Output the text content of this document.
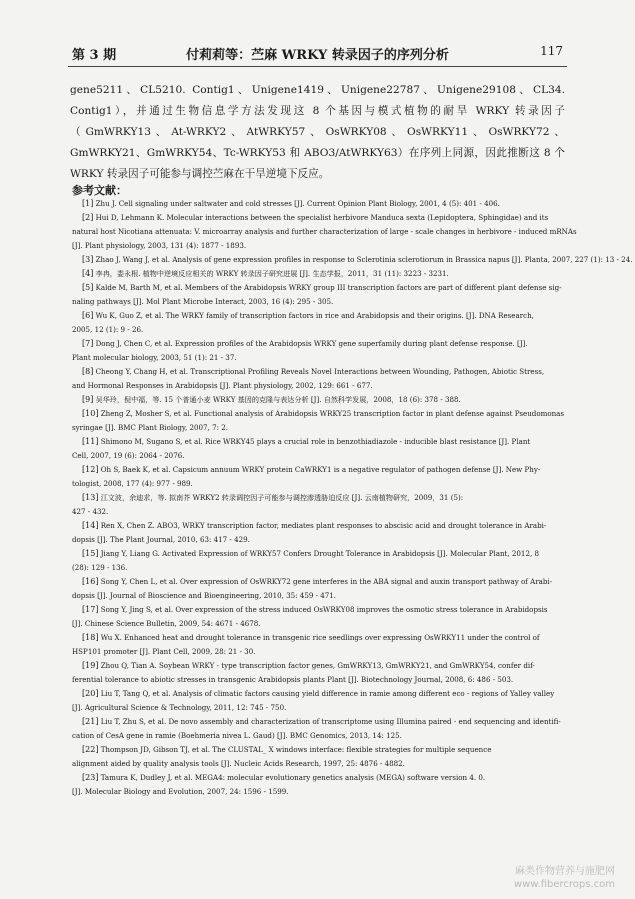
第 3 期	付莉莉等：苎麻 WRKY 转录因子的序列分析	117

gene5211、CL5210. Contig1、Unigene1419、Unigene22787、Unigene29108、CL34. Contig1），并通过生物信息学方法发现这 8 个基因与模式植物的耐旱 WRKY 转录因子（GmWRKY13、At-WRKY2、AtWRKY57、OsWRKY08、OsWRKY11、OsWRKY72、GmWRKY21、GmWRKY54、Tc-WRKY53 和 ABO3/AtWRKY63）在序列上同源，因此推断这 8 个 WRKY 转录因子可能参与调控苎麻在干旱逆境下反应。

参考文献：
[ 1 ] Zhu J. Cell signaling under saltwater and cold stresses [J]. Current Opinion Plant Biology, 2001, 4 (5): 401 - 406.
[ 2 ] Hui D, Lehmann K. Molecular interactions between the specialist herbivore Manduca sexta (Lepidoptera, Sphingidae) and its
natural host Nicotiana attenuata: V. microarray analysis and further characterization of large - scale changes in herbivore - induced mRNAs
[J]. Plant physiology, 2003, 131 (4): 1877 - 1893.
[ 3 ] Zhao J, Wang J, et al. Analysis of gene expression profiles in response to Sclerotinia sclerotiorum in Brassica napus [J]. Planta, 2007, 227 (1): 13 - 24.
[ 4 ] 李冉，娄永根. 植物中逆境反应相关的 WRKY 转录因子研究进展 [J]. 生态学报，2011，31 (11): 3223 - 3231.
[ 5 ] Kalde M, Barth M, et al. Members of the Arabidopsis WRKY group III transcription factors are part of different plant defense sig-
naling pathways [J]. Mol Plant Microbe Interact, 2003, 16 (4): 295 - 305.
[ 6 ] Wu K, Guo Z, et al. The WRKY family of transcription factors in rice and Arabidopsis and their origins. [J]. DNA Research,
2005, 12 (1): 9 - 26.
[ 7 ] Dong J, Chen C, et al. Expression profiles of the Arabidopsis WRKY gene superfamily during plant defense response. [J].
Plant molecular biology, 2003, 51 (1): 21 - 37.
[ 8 ] Cheong Y, Chang H, et al. Transcriptional Profiling Reveals Novel Interactions between Wounding, Pathogen, Abiotic Stress,
and Hormonal Responses in Arabidopsis [J]. Plant physiology, 2002, 129: 661 - 677.
[ 9 ] 吴华玲，倪中福，等. 15 个普通小麦 WRKY 基因的克隆与表达分析 [J]. 自然科学发展，2008，18 (6): 378 - 388.
[ 10 ] Zheng Z, Mosher S, et al. Functional analysis of Arabidopsis WRKY25 transcription factor in plant defense against Pseudomonas
syringae [J]. BMC Plant Biology, 2007, 7: 2.
[ 11 ] Shimono M, Sugano S, et al. Rice WRKY45 plays a crucial role in benzothiadiazole - inducible blast resistance [J]. Plant
Cell, 2007, 19 (6): 2064 - 2076.
[ 12 ] Oh S, Baek K, et al. Capsicum annuum WRKY protein CaWRKY1 is a negative regulator of pathogen defense [J]. New Phy-
tologist, 2008, 177 (4): 977 - 989.
[ 13 ] 江文波，余迪求，等. 拟南芥 WRKY2 转录调控因子可能参与调控渗透胁迫反应 [J]. 云南植物研究，2009，31 (5):
427 - 432.
[ 14 ] Ren X, Chen Z. ABO3, WRKY transcription factor, mediates plant responses to abscisic acid and drought tolerance in Arabi-
dopsis [J]. The Plant Journal, 2010, 63: 417 - 429.
[ 15 ] Jiang Y, Liang G. Activated Expression of WRKY57 Confers Drought Tolerance in Arabidopsis [J]. Molecular Plant, 2012, 8
(28): 129 - 136.
[ 16 ] Song Y, Chen L, et al. Over expression of OsWRKY72 gene interferes in the ABA signal and auxin transport pathway of Arabi-
dopsis [J]. Journal of Bioscience and Bioengineering, 2010, 35: 459 - 471.
[ 17 ] Song Y, Jing S, et al. Over expression of the stress induced OsWRKY08 improves the osmotic stress tolerance in Arabidopsis
[J]. Chinese Science Bulletin, 2009, 54: 4671 - 4678.
[ 18 ] Wu X. Enhanced heat and drought tolerance in transgenic rice seedlings over expressing OsWRKY11 under the control of
HSP101 promoter [J]. Plant Cell, 2009, 28: 21 - 30.
[ 19 ] Zhou Q, Tian A. Soybean WRKY - type transcription factor genes, GmWRKY13, GmWRKY21, and GmWRKY54, confer dif-
ferential tolerance to abiotic stresses in transgenic Arabidopsis plants Plant [J]. Biotechnology Journal, 2008, 6: 486 - 503.
[ 20 ] Liu T, Tang Q, et al. Analysis of climatic factors causing yield difference in ramie among different eco - regions of Yalley valley
[J]. Agricultural Science & Technology, 2011, 12: 745 - 750.
[ 21 ] Liu T, Zhu S, et al. De novo assembly and characterization of transcriptome using Illumina paired - end sequencing and identifi-
cation of CesA gene in ramie (Boehmeria nivea L. Gaud) [J]. BMC Genomics, 2013, 14: 125.
[ 22 ] Thompson JD, Gibson TJ, et al. The CLUSTAL_ X windows interface: flexible strategies for multiple sequence
alignment aided by quality analysis tools [J]. Nucleic Acids Research, 1997, 25: 4876 - 4882.
[ 23 ] Tamura K, Dudley J, et al. MEGA4: molecular evolutionary genetics analysis (MEGA) software version 4. 0.
[J]. Molecular Biology and Evolution, 2007, 24: 1596 - 1599.
麻类作物营养与施肥网
www.fibercrops.com
